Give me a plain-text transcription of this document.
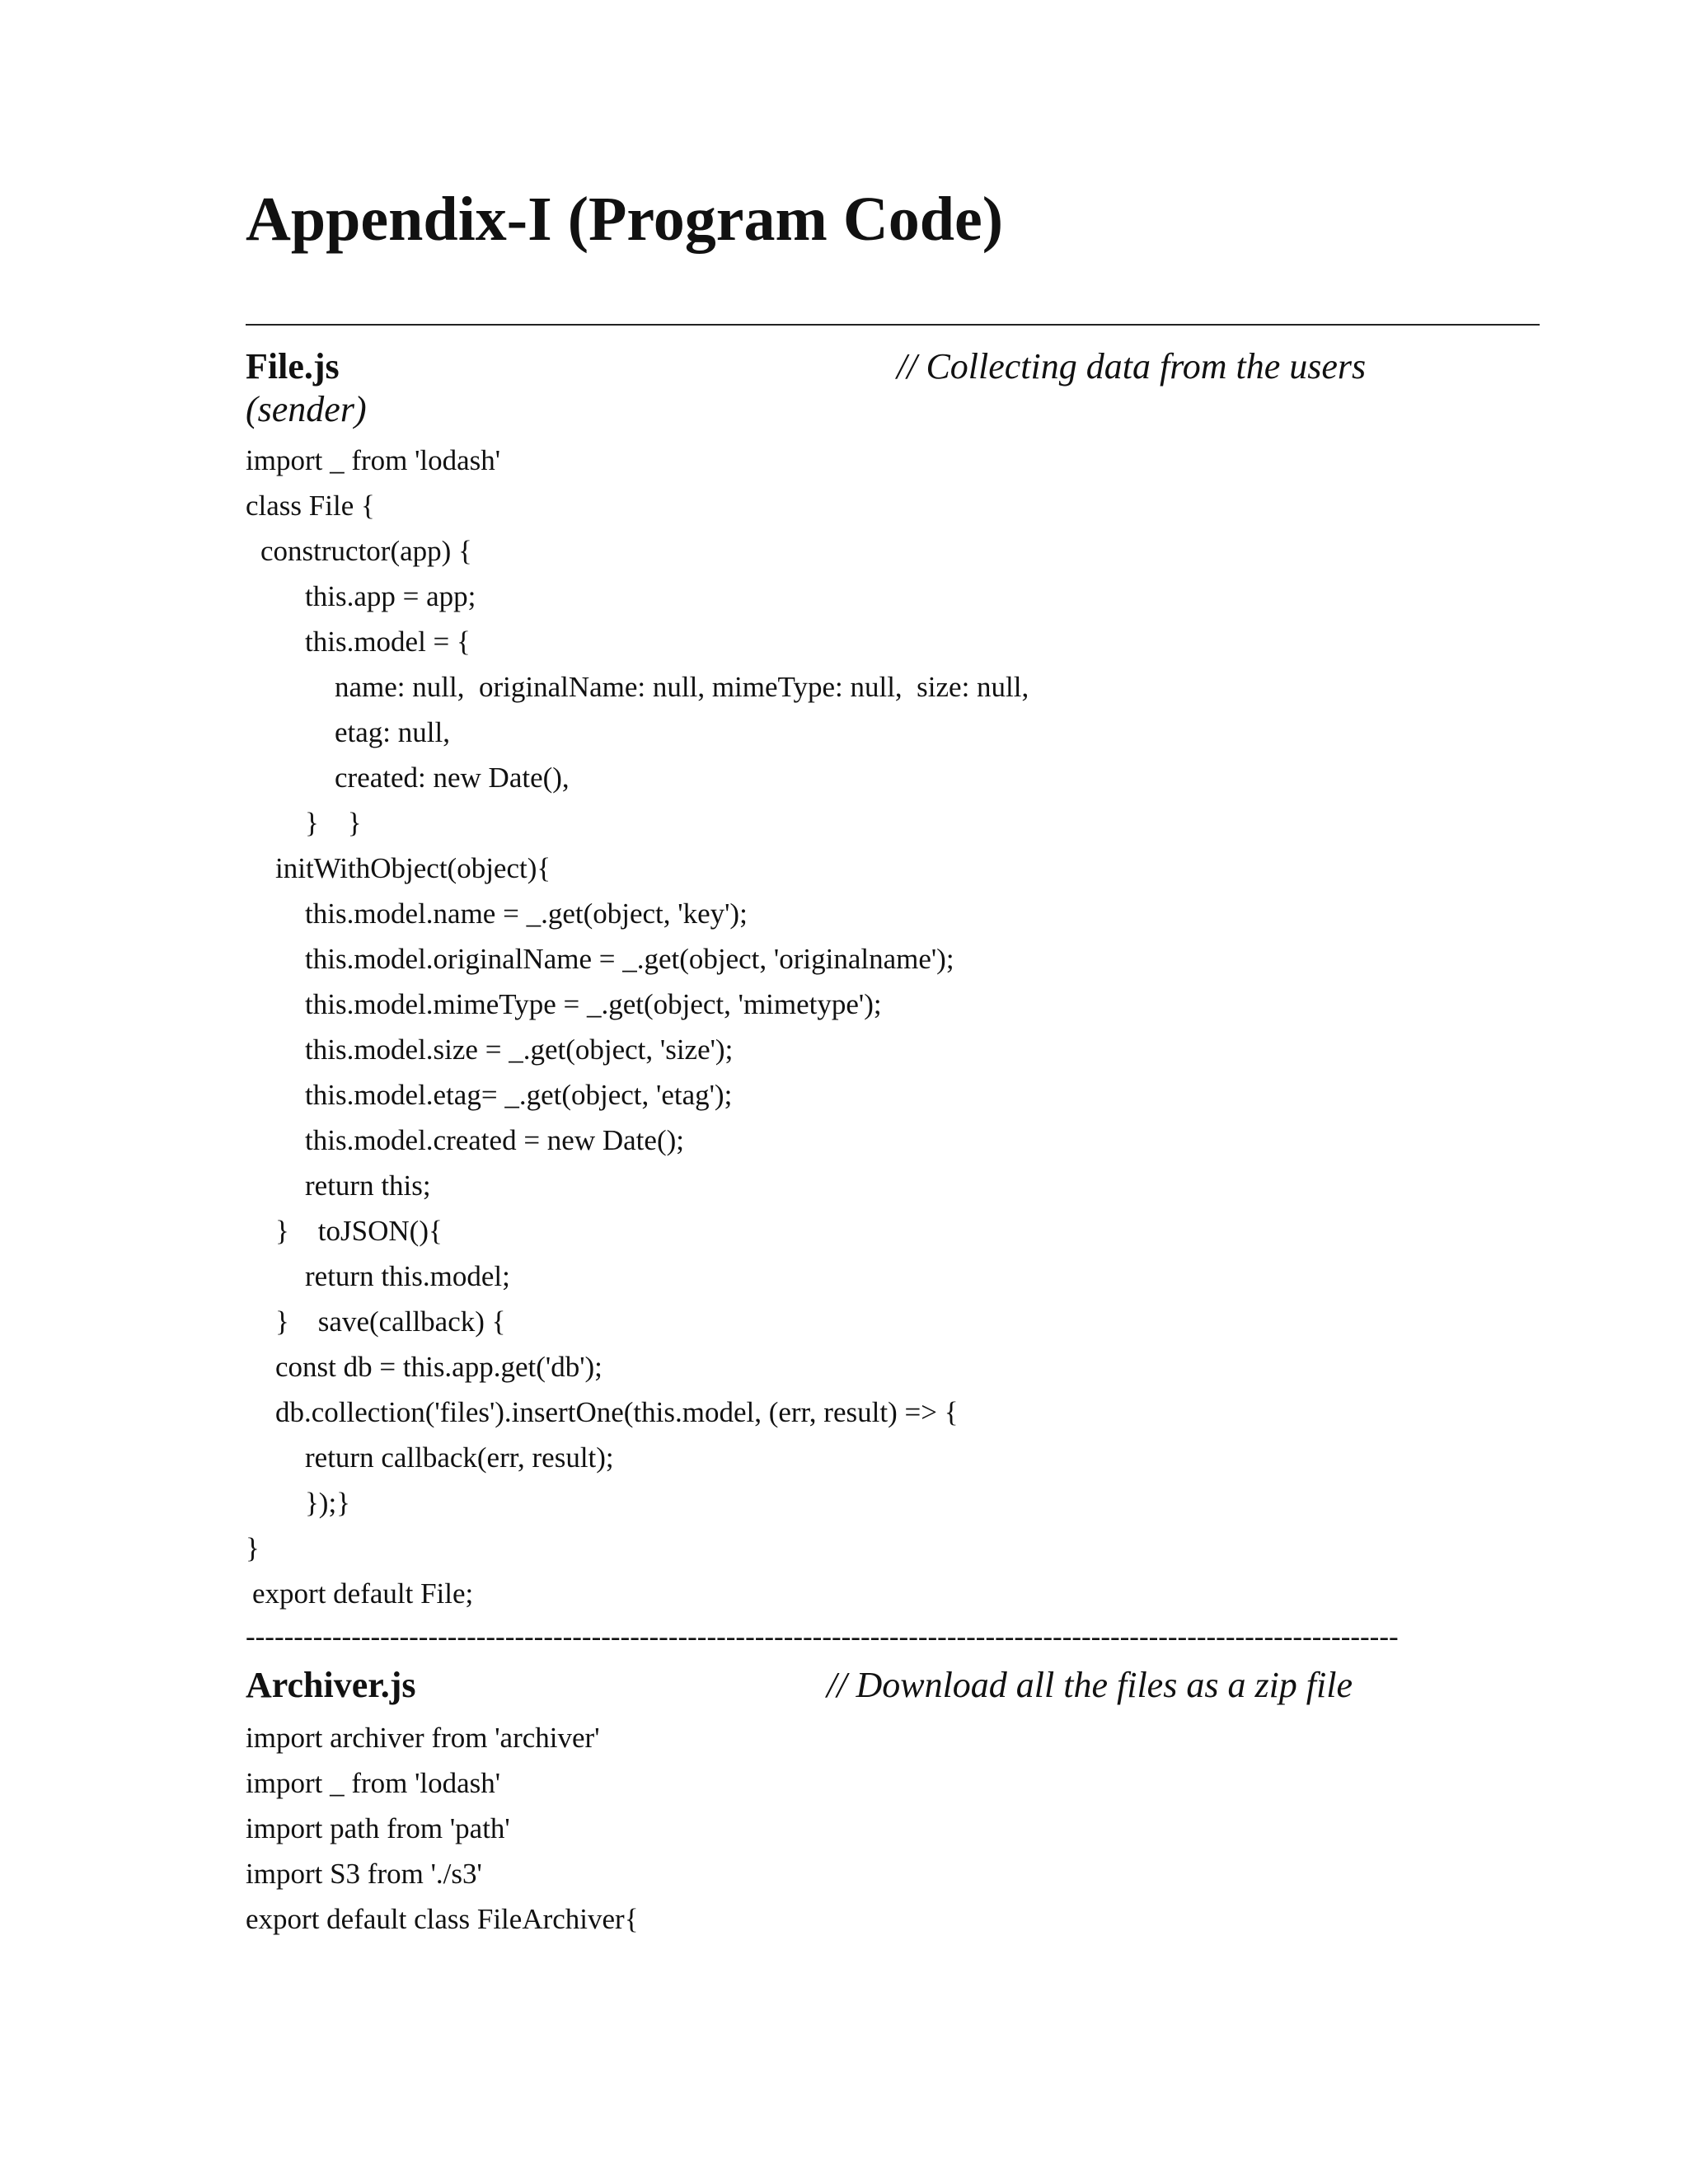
Appendix-I (Program Code)
File.js	// Collecting data from the users
(sender)
import _ from 'lodash'
class File {
constructor(app) {
this.app = app;
this.model = {
name: null,  originalName: null, mimeType: null,  size: null,
etag: null,
created: new Date(),
}    }
initWithObject(object){
this.model.name = _.get(object, 'key');
this.model.originalName = _.get(object, 'originalname');
this.model.mimeType = _.get(object, 'mimetype');
this.model.size = _.get(object, 'size');
this.model.etag= _.get(object, 'etag');
this.model.created = new Date();
return this;
}    toJSON(){
return this.model;
}    save(callback) {
const db = this.app.get('db');
db.collection('files').insertOne(this.model, (err, result) => {
return callback(err, result);
});}
}
export default File;
------------------------------------------------------------------------------------------------------------------------
Archiver.js	// Download all the files as a zip file
import archiver from 'archiver'
import _ from 'lodash'
import path from 'path'
import S3 from './s3'
export default class FileArchiver{
